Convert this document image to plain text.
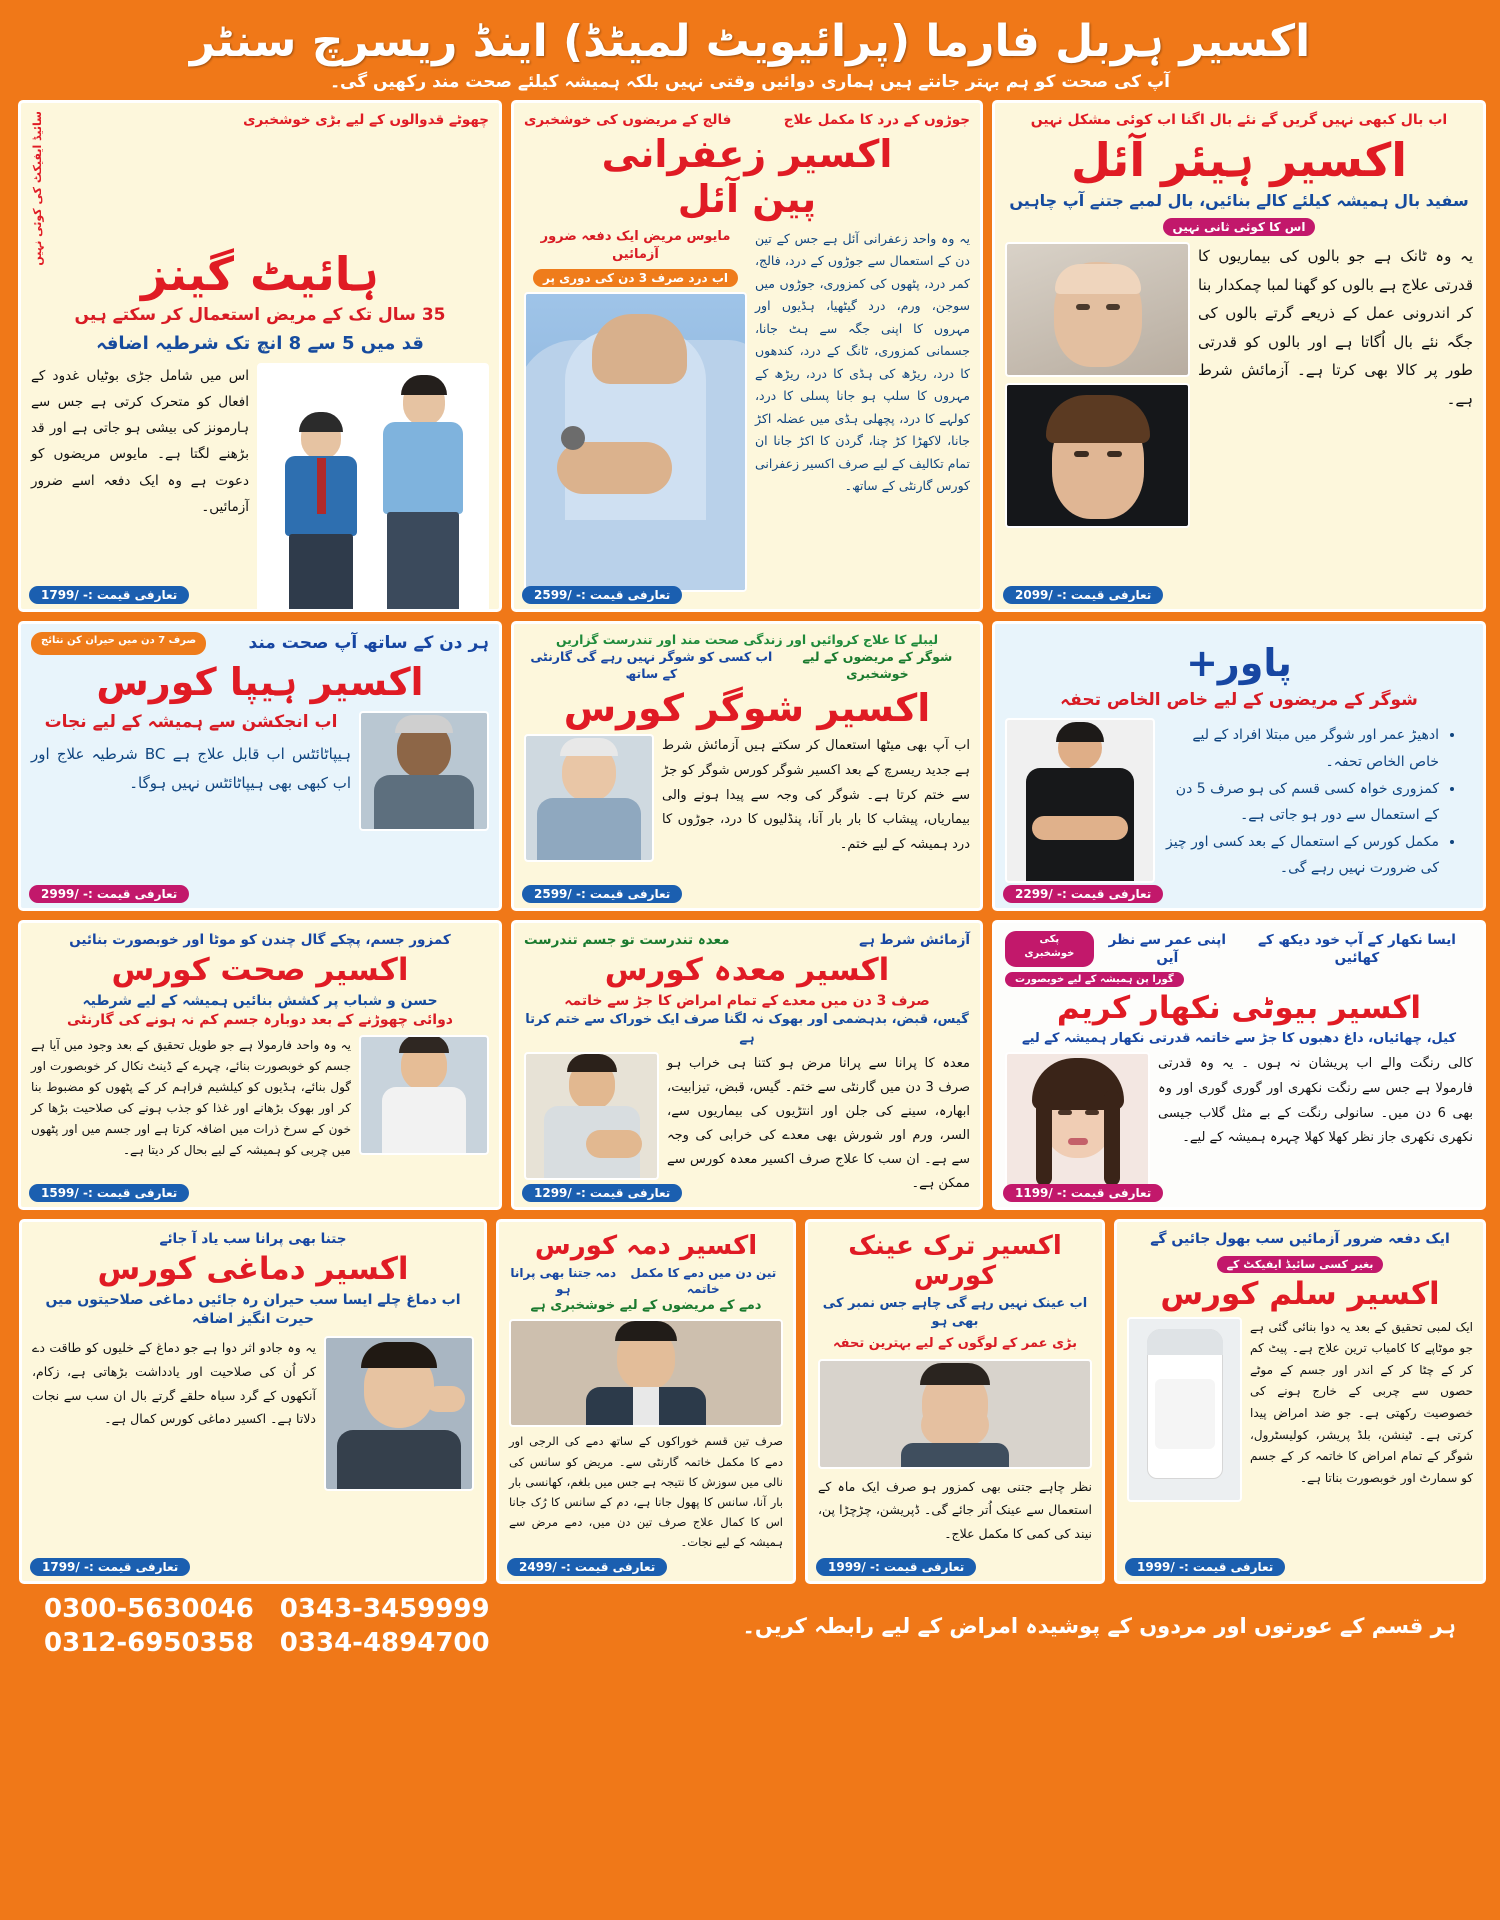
اکسیر ہربل فارما (پرائیویٹ لمیٹڈ) اینڈ ریسرچ سنٹر
آپ کی صحت کو ہم بہتر جانتے ہیں ہماری دوائیں وقتی نہیں بلکہ ہمیشہ کیلئے صحت مند رکھیں گی۔
اب بال کبھی نہیں گریں گے نئے بال اگنا اب کوئی مشکل نہیں
اکسیر ہیئر آئل
سفید بال ہمیشہ کیلئے کالے بنائیں، بال لمبے جتنے آپ چاہیں
اس کا کوئی ثانی نہیں
یہ وہ ٹانک ہے جو بالوں کی بیماریوں کا قدرتی علاج ہے بالوں کو گھنا لمبا چمکدار بنا کر اندرونی عمل کے ذریعے گرتے بالوں کی جگہ نئے بال اُگاتا ہے اور بالوں کو قدرتی طور پر کالا بھی کرتا ہے۔ آزمائش شرط ہے۔
تعارفی قیمت :- /2099
جوڑوں کے درد کا مکمل علاج
فالج کے مریضوں کی خوشخبری
اکسیر زعفرانی
پین آئل
یہ وہ واحد زعفرانی آئل ہے جس کے تین دن کے استعمال سے جوڑوں کے درد، فالج، کمر درد، پٹھوں کی کمزوری، جوڑوں میں سوجن، ورم، درد گیٹھیا، ہڈیوں اور مہروں کا اپنی جگہ سے ہٹ جانا، جسمانی کمزوری، ٹانگ کے درد، کندھوں کا درد، ریڑھ کی ہڈی کا درد، ریڑھ کے مہروں کا سلپ ہو جانا پسلی کا درد، کولہے کا درد، پچھلی ہڈی میں عضلہ اکڑ جانا، لاکھڑا کڑ چنا، گردن کا اکڑ جانا ان تمام تکالیف کے لیے صرف اکسیر زعفرانی کورس گارنٹی کے ساتھ۔
مایوس مریض ایک دفعہ ضرور آزمائیں
اب درد صرف 3 دن کی دوری پر
تعارفی قیمت :- /2599
چھوٹے قدوالوں کے لیے بڑی خوشخبری
سائیڈ ایفیکٹ کی کوئی نہیں
ہائیٹ گینز
35 سال تک کے مریض استعمال کر سکتے ہیں
قد میں 5 سے 8 انچ تک شرطیہ اضافہ
اس میں شامل جڑی بوٹیاں غدود کے افعال کو متحرک کرتی ہے جس سے ہارمونز کی بیشی ہو جاتی ہے اور قد بڑھنے لگتا ہے۔ مایوس مریضوں کو دعوت ہے وہ ایک دفعہ اسے ضرور آزمائیں۔
تعارفی قیمت :- /1799
پاور+
شوگر کے مریضوں کے لیے خاص الخاص تحفہ
• ادھیڑ عمر اور شوگر میں مبتلا افراد کے لیے خاص الخاص تحفہ۔
• کمزوری خواہ کسی قسم کی ہو صرف 5 دن کے استعمال سے دور ہو جاتی ہے۔
• مکمل کورس کے استعمال کے بعد کسی اور چیز کی ضرورت نہیں رہے گی۔
تعارفی قیمت :- /2299
لیبلے کا علاج کروائیں اور زندگی صحت مند اور تندرست گزاریں
شوگر کے مریضوں کے لیے خوشخبری
اب کسی کو شوگر نہیں رہے گی گارنٹی کے ساتھ
اکسیر شوگر کورس
اب آپ بھی میٹھا استعمال کر سکتے ہیں آزمائش شرط ہے جدید ریسرچ کے بعد اکسیر شوگر کورس شوگر کو جڑ سے ختم کرتا ہے۔ شوگر کی وجہ سے پیدا ہونے والی بیماریاں، پیشاب کا بار بار آنا، پنڈلیوں کا درد، جوڑوں کا درد ہمیشہ کے لیے ختم۔
تعارفی قیمت :- /2599
ہر دن کے ساتھ آپ صحت مند
صرف 7 دن میں حیران کن نتائج
اکسیر ہیپا کورس
اب انجکشن سے ہمیشہ کے لیے نجات
ہیپاٹائٹس اب قابل علاج ہے BC شرطیہ علاج اور اب کبھی بھی ہیپاٹائٹس نہیں ہوگا۔
تعارفی قیمت :- /2999
ایسا نکھار کے آپ خود دیکھ کے کھائیں
اپنی عمر سے نظر آیں
پکی خوشخبری
گورا پن ہمیشہ کے لیے خوبصورت
اکسیر بیوٹی نکھار کریم
کیل، چھائیاں، داغ دھبوں کا جڑ سے خاتمہ قدرتی نکھار ہمیشہ کے لیے
کالی رنگت والے اب پریشان نہ ہوں ۔ یہ وہ قدرتی فارمولا ہے جس سے رنگت نکھری اور گوری گوری اور وہ بھی 6 دن میں۔ سانولی رنگت کے بے مثل گلاب جیسی نکھری نکھری جاز نظر کھلا کھلا چہرہ ہمیشہ کے لیے۔
تعارفی قیمت :- /1199
آزمائش شرط ہے
معدہ تندرست تو جسم تندرست
اکسیر معدہ کورس
صرف 3 دن میں معدے کے تمام امراض کا جڑ سے خاتمہ
گیس، قبض، بدہضمی اور بھوک نہ لگنا صرف ایک خوراک سے ختم کرتا ہے
معدہ کا پرانا سے پرانا مرض ہو کتنا ہی خراب ہو صرف 3 دن میں گارنٹی سے ختم۔ گیس، قبض، تیزابیت، ابھارہ، سینے کی جلن اور انتڑیوں کی بیماریوں سے، السر، ورم اور شورش بھی معدے کی خرابی کی وجہ سے ہے۔ ان سب کا علاج صرف اکسیر معدہ کورس سے ممکن ہے۔
تعارفی قیمت :- /1299
کمزور جسم، پچکے گال چندن کو موٹا اور خوبصورت بنائیں
اکسیر صحت کورس
حسن و شباب پر کشش بنائیں ہمیشہ کے لیے شرطیہ
دوائی چھوڑنے کے بعد دوبارہ جسم کم نہ ہونے کی گارنٹی
یہ وہ واحد فارمولا ہے جو طویل تحقیق کے بعد وجود میں آیا ہے جسم کو خوبصورت بنائے، چہرے کے ڈینٹ نکال کر خوبصورت اور گول بنائے، ہڈیوں کو کیلشیم فراہم کر کے پٹھوں کو مضبوط بنا کر اور بھوک بڑھانے اور غذا کو جذب ہونے کی صلاحیت بڑھا کر خون کے سرخ ذرات میں اضافہ کرتا ہے اور جسم میں اور پٹھوں میں چربی کو ہمیشہ کے لیے بحال کر دیتا ہے۔
تعارفی قیمت :- /1599
ایک دفعہ ضرور آزمائیں سب بھول جائیں گے
بغیر کسی سائیڈ ایفیکٹ کے
اکسیر سلم کورس
ایک لمبی تحقیق کے بعد یہ دوا بنائی گئی ہے جو موٹاپے کا کامیاب ترین علاج ہے۔ پیٹ کم کر کے چٹا کر کے اندر اور جسم کے موٹے حصوں سے چربی کے خارج ہونے کی خصوصیت رکھتی ہے۔ جو ضد امراض پیدا کرتی ہے۔ ٹینشن، بلڈ پریشر، کولیسٹرول، شوگر کے تمام امراض کا خاتمہ کر کے جسم کو سمارٹ اور خوبصورت بناتا ہے۔
تعارفی قیمت :- /1999
اکسیر ترک عینک کورس
اب عینک نہیں رہے گی چاہے جس نمبر کی بھی ہو
بڑی عمر کے لوگوں کے لیے بہترین تحفہ
نظر چاہے جتنی بھی کمزور ہو صرف ایک ماہ کے استعمال سے عینک اُتر جائے گی۔ ڈپریشن، چڑچڑا پن، نیند کی کمی کا مکمل علاج۔
تعارفی قیمت :- /1999
اکسیر دمہ کورس
تین دن میں دمے کا مکمل خاتمہ
دمہ جتنا بھی پرانا ہو
دمے کے مریضوں کے لیے خوشخبری ہے
صرف تین قسم خوراکوں کے ساتھ دمے کی الرجی اور دمے کا مکمل خاتمہ گارنٹی سے۔ مریض کو سانس کی نالی میں سوزش کا نتیجہ ہے جس میں بلغم، کھانسی بار بار آنا، سانس کا پھول جانا ہے، دم کے سانس کا رُک جانا اس کا کمال علاج صرف تین دن میں، دمے مرض سے ہمیشہ کے لیے نجات۔
تعارفی قیمت :- /2499
جتنا بھی پرانا سب یاد آ جائے
اکسیر دماغی کورس
اب دماغ چلے ایسا سب حیران رہ جائیں دماغی صلاحیتوں میں حیرت انگیز اضافہ
یہ وہ جادو اثر دوا ہے جو دماغ کے خلیوں کو طاقت دے کر اُن کی صلاحیت اور یادداشت بڑھاتی ہے، زکام، آنکھوں کے گرد سیاہ حلقے گرتے بال ان سب سے نجات دلاتا ہے۔ اکسیر دماغی کورس کمال ہے۔
تعارفی قیمت :- /1799
ہر قسم کے عورتوں اور مردوں کے پوشیدہ امراض کے لیے رابطہ کریں۔
0343-3459999
0334-4894700
0300-5630046
0312-6950358
